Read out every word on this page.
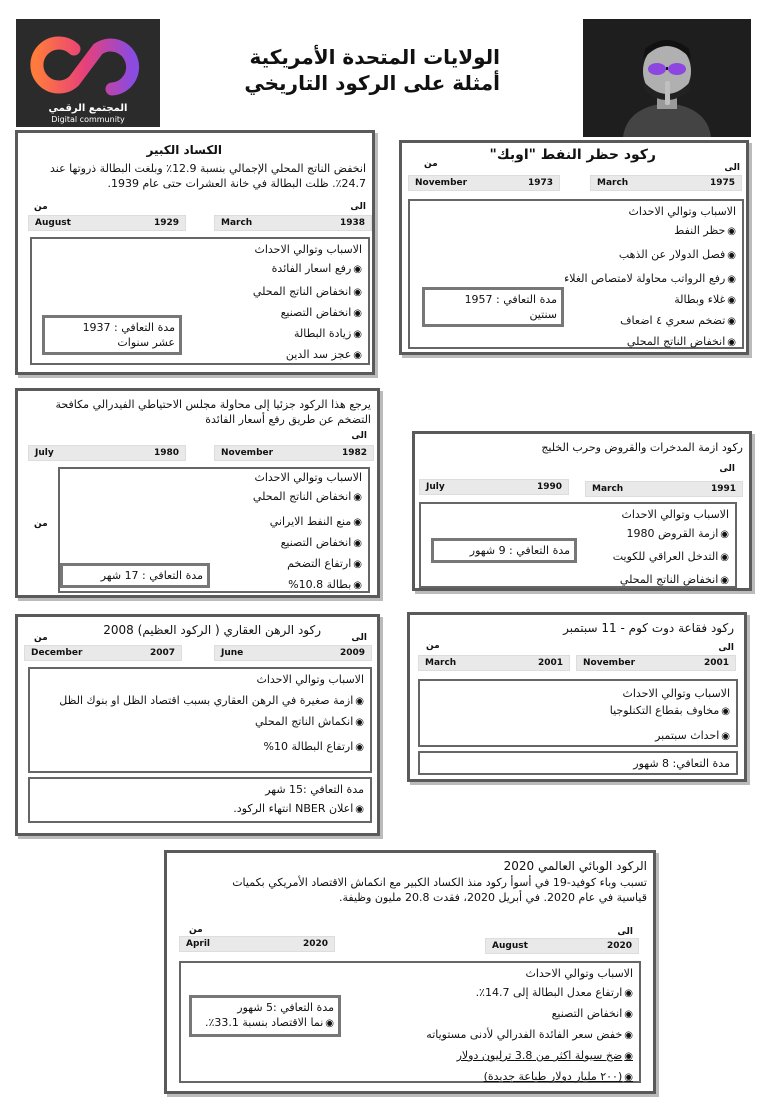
المجتمع الرقمي
Digital community
الولايات المتحدة الأمريكية
أمثلة على الركود التاريخي
الكساد الكبير
انخفض الناتج المحلي الإجمالي بنسبة 12.9٪ وبلغت البطالة ذروتها عند 24.7٪. ظلت البطالة في خانة العشرات حتى عام 1939.
من	الى
August	1929	March	1938
الاسباب وتوالي الاحداث
◉ رفع اسعار الفائدة
◉ انخفاض الناتج المحلي
◉ انخفاض التصنيع
◉ زيادة البطالة
◉ عجز سد الدين
مدة التعافي : 1937
عشر سنوات
ركود حظر النفط "اوبك"
من	الى
November	1973	March	1975
الاسباب وتوالي الاحداث
◉ حظر النفط
◉ فصل الدولار عن الذهب
◉ رفع الرواتب محاولة لامتصاص الغلاء
◉ غلاء وبطالة
◉ تضخم سعري ٤ اضعاف
◉ انخفاض الناتج المحلي
مدة التعافي : 1957
سنتين
يرجع هذا الركود جزئيا إلى محاولة مجلس الاحتياطي الفيدرالي مكافحة التضخم عن طريق رفع أسعار الفائدة
الى
July	1980	November	1982
من
الاسباب وتوالي الاحداث
◉ انخفاض الناتج المحلي
◉ منع النفط الايراني
◉ انخفاض التصنيع
◉ ارتفاع التضخم
◉ بطالة 10.8%
مدة التعافي : 17 شهر
ركود ازمة المدخرات والقروض وحرب الخليج
الى
July	1990	March	1991
الاسباب وتوالي الاحداث
◉ ازمة القروض 1980
◉ التدخل العراقي للكويت
◉ انخفاض الناتج المحلي
مدة التعافي : 9 شهور
ركود الرهن العقاري ( الركود العظيم) 2008
من	الى
December	2007	June	2009
الاسباب وتوالي الاحداث
◉ ازمة صغيرة في الرهن العقاري بسبب اقتصاد الظل او بنوك الظل
◉ انكماش الناتج المحلي
◉ ارتفاع البطالة 10%
مدة التعافي :15 شهر
◉ اعلان NBER انتهاء الركود.
ركود فقاعة دوت كوم - 11 سبتمبر
الى
من
March	2001 November	2001
الاسباب وتوالي الاحداث
◉ مخاوف بقطاع التكنلوجيا
◉ احداث سبتمبر
مدة التعافي: 8 شهور
الركود الوبائي العالمي 2020
تسبب وباء كوفيد-19 في أسوأ ركود منذ الكساد الكبير مع انكماش الاقتصاد الأمريكي بكميات قياسية في عام 2020. في أبريل 2020، فقدت 20.8 مليون وظيفة.
من	الى
April	2020	August	2020
الاسباب وتوالي الاحداث
◉ ارتفاع معدل البطالة إلى 14.7٪.
◉ انخفاض التصنيع
◉ خفض سعر الفائدة الفدرالي لأدنى مستوياته
◉ ضخ سيولة اكثر من 3.8 ترليون دولار
◉ (٢٠٠ مليار دولار طباعة جديدة)
مدة التعافي :5 شهور
◉ نما الاقتصاد بنسبة 33.1٪.
